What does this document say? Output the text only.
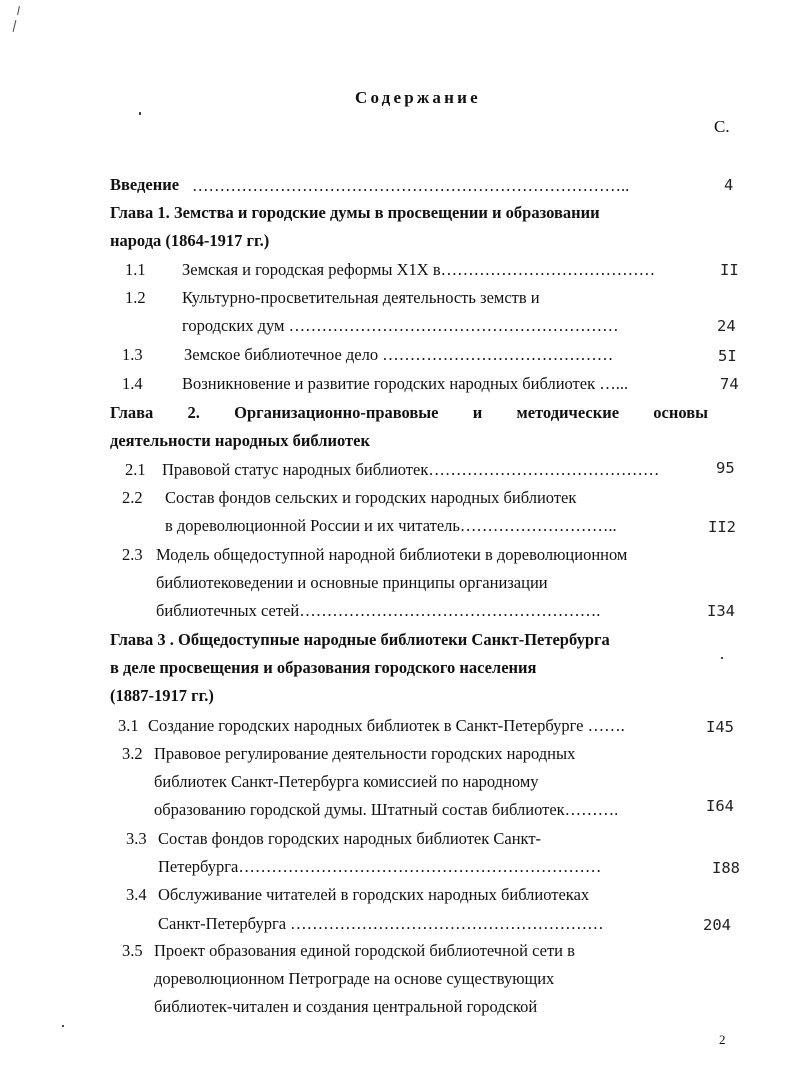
Содержание
С.
Введение ……………………………………………………………………..	4
Глава 1. Земства и городские думы в просвещении и образовании
народа (1864-1917 гг.)
1.1 Земская и городская реформы Х1Х в…………………………………	II
1.2 Культурно-просветительная деятельность земств и
городских дум ……………………………………………………	24
1.3	Земское библиотечное дело ……………………………………	5I
1.4 Возникновение и развитие городских народных библиотек …...	74
Глава 2. Организационно-правовые и методические основы
деятельности народных библиотек
2.1 Правовой статус народных библиотек……………………………………	95
2.2 Состав фондов сельских и городских народных библиотек
в дореволюционной России и их читатель………………………..	II2
2.3 Модель общедоступной народной библиотеки в дореволюционном
библиотековедении и основные принципы организации
библиотечных сетей……………………………………………….	I34
Глава 3 . Общедоступные народные библиотеки Санкт-Петербурга
в деле просвещения и образования городского населения
(1887-1917 гг.)
3.1 Создание городских народных библиотек в Санкт-Петербурге …….	I45
3.2 Правовое регулирование деятельности городских народных
библиотек Санкт-Петербурга комиссией по народному
образованию городской думы. Штатный состав библиотек……….	I64
3.3 Состав фондов городских народных библиотек Санкт-
Петербурга…………………………………………………………	I88
3.4 Обслуживание читателей в городских народных библиотеках
Санкт-Петербурга …………………………………………………	204
3.5 Проект образования единой городской библиотечной сети в
дореволюционном Петрограде на основе существующих
библиотек-читален и создания центральной городской
2
